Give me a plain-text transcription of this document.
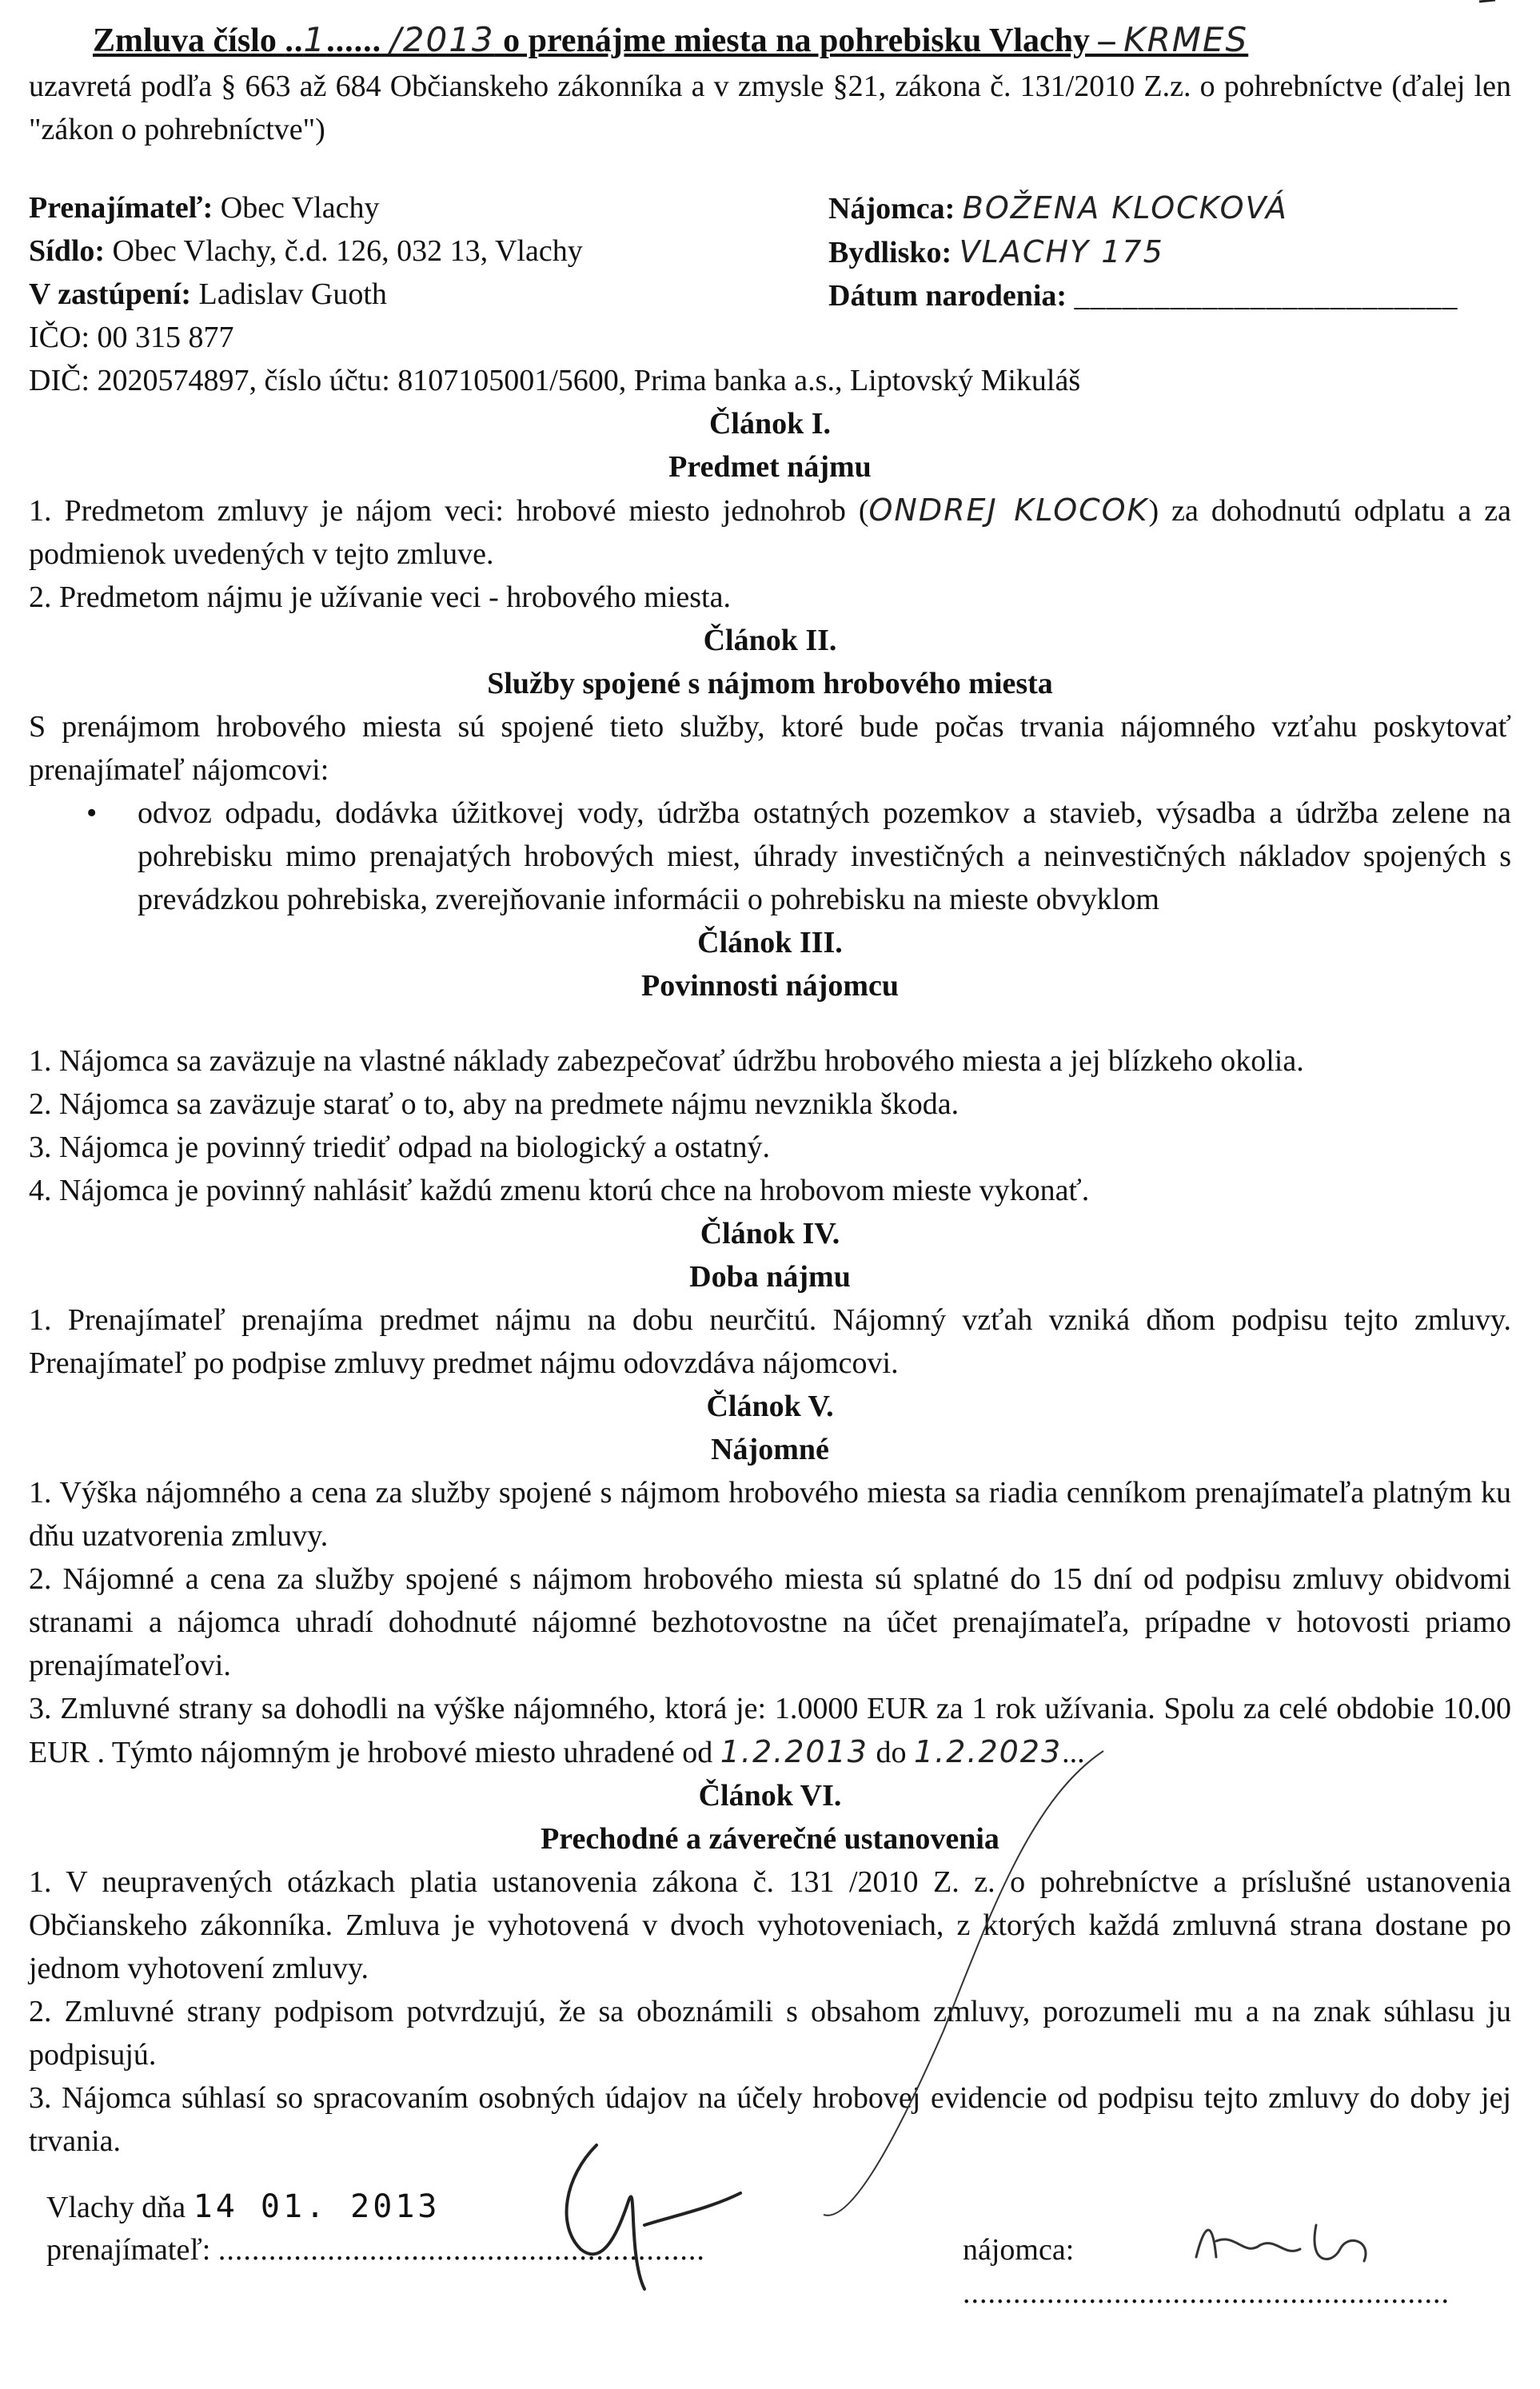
Zmluva číslo ..1...... /2013 o prenájme miesta na pohrebisku Vlachy – KRMES

uzavretá podľa § 663 až 684 Občianskeho zákonníka a v zmysle §21, zákona č. 131/2010 Z.z. o pohrebníctve (ďalej len "zákon o pohrebníctve")

Prenajímateľ: Obec Vlachy
Sídlo: Obec Vlachy, č.d. 126, 032 13, Vlachy
V zastúpení: Ladislav Guoth
IČO: 00 315 877
Nájomca: BOŽENA KLOCKOVÁ
Bydlisko: VLACHY 175
Dátum narodenia: ________________________
DIČ: 2020574897, číslo účtu: 8107105001/5600, Prima banka a.s., Liptovský Mikuláš
Článok I.
Predmet nájmu

1. Predmetom zmluvy je nájom veci: hrobové miesto jednohrob (ONDREJ KLOCOK) za dohodnutú odplatu a za podmienok uvedených v tejto zmluve.

2. Predmetom nájmu je užívanie veci - hrobového miesta.

Článok II.
Služby spojené s nájmom hrobového miesta

S prenájmom hrobového miesta sú spojené tieto služby, ktoré bude počas trvania nájomného vzťahu poskytovať prenajímateľ nájomcovi:

• odvoz odpadu, dodávka úžitkovej vody, údržba ostatných pozemkov a stavieb, výsadba a údržba zelene na pohrebisku mimo prenajatých hrobových miest, úhrady investičných a neinvestičných nákladov spojených s prevádzkou pohrebiska, zverejňovanie informácii o pohrebisku na mieste obvyklom
Článok III.
Povinnosti nájomcu

1. Nájomca sa zaväzuje na vlastné náklady zabezpečovať údržbu hrobového miesta a jej blízkeho okolia.

2. Nájomca sa zaväzuje starať o to, aby na predmete nájmu nevznikla škoda.

3. Nájomca je povinný triediť odpad na biologický a ostatný.

4. Nájomca je povinný nahlásiť každú zmenu ktorú chce na hrobovom mieste vykonať.

Článok IV.
Doba nájmu

1. Prenajímateľ prenajíma predmet nájmu na dobu neurčitú. Nájomný vzťah vzniká dňom podpisu tejto zmluvy. Prenajímateľ po podpise zmluvy predmet nájmu odovzdáva nájomcovi.

Článok V.
Nájomné

1. Výška nájomného a cena za služby spojené s nájmom hrobového miesta sa riadia cenníkom prenajímateľa platným ku dňu uzatvorenia zmluvy.

2. Nájomné a cena za služby spojené s nájmom hrobového miesta sú splatné do 15 dní od podpisu zmluvy obidvomi stranami a nájomca uhradí dohodnuté nájomné bezhotovostne na účet prenajímateľa, prípadne v hotovosti priamo prenajímateľovi.

3. Zmluvné strany sa dohodli na výške nájomného, ktorá je: 1.0000 EUR za 1 rok užívania. Spolu za celé obdobie 10.00 EUR . Týmto nájomným je hrobové miesto uhradené od 1.2.2013 do 1.2.2023...

Článok VI.
Prechodné a záverečné ustanovenia

1. V neupravených otázkach platia ustanovenia zákona č. 131 /2010 Z. z. o pohrebníctve a príslušné ustanovenia Občianskeho zákonníka. Zmluva je vyhotovená v dvoch vyhotoveniach, z ktorých každá zmluvná strana dostane po jednom vyhotovení zmluvy.

2. Zmluvné strany podpisom potvrdzujú, že sa oboznámili s obsahom zmluvy, porozumeli mu a na znak súhlasu ju podpisujú.

3. Nájomca súhlasí so spracovaním osobných údajov na účely hrobovej evidencie od podpisu tejto zmluvy do doby jej trvania.

Vlachy dňa 14 01. 2013
prenajímateľ: ..........................................................	nájomca: ..........................................................
